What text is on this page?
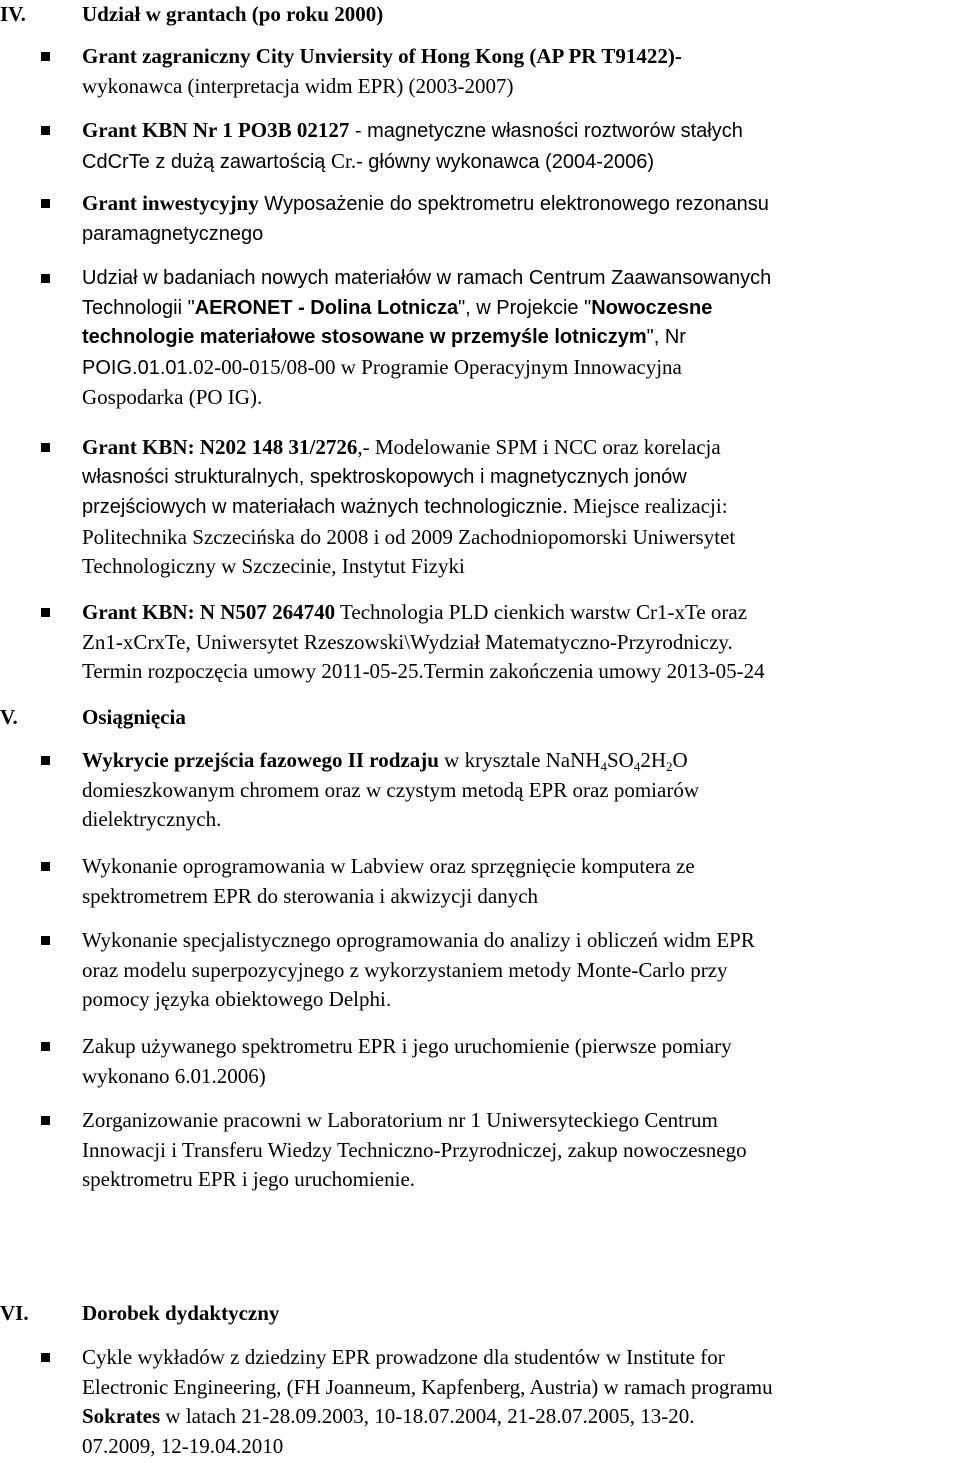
IV.	Udział w grantach (po roku 2000)
Grant zagraniczny City Unviersity of Hong Kong (AP PR T91422)-
wykonawca (interpretacja widm EPR) (2003-2007)
Grant KBN Nr 1 PO3B 02127 - magnetyczne własności roztworów stałych
CdCrTe z dużą zawartością Cr.- główny wykonawca (2004-2006)
Grant inwestycyjny Wyposażenie do spektrometru elektronowego rezonansu
paramagnetycznego
Udział w badaniach nowych materiałów w ramach Centrum Zaawansowanych
Technologii "AERONET - Dolina Lotnicza", w Projekcie "Nowoczesne
technologie materiałowe stosowane w przemyśle lotniczym", Nr
POIG.01.01.02-00-015/08-00 w Programie Operacyjnym Innowacyjna
Gospodarka (PO IG).
Grant KBN: N202 148 31/2726,- Modelowanie SPM i NCC oraz korelacja
własności strukturalnych, spektroskopowych i magnetycznych jonów
przejściowych w materiałach ważnych technologicznie. Miejsce realizacji:
Politechnika Szczecińska do 2008 i od 2009 Zachodniopomorski Uniwersytet
Technologiczny w Szczecinie, Instytut Fizyki
Grant KBN: N N507 264740 Technologia PLD cienkich warstw Cr1-xTe oraz
Zn1-xCrxTe, Uniwersytet Rzeszowski\Wydział Matematyczno-Przyrodniczy.
Termin rozpoczęcia umowy 2011-05-25.Termin zakończenia umowy 2013-05-24
V.	Osiągnięcia
Wykrycie przejścia fazowego II rodzaju w krysztale $NaNH_4SO_42H_2O$
domieszkowanym chromem oraz w czystym metodą EPR oraz pomiarów
dielektrycznych.
Wykonanie oprogramowania w Labview oraz sprzęgnięcie komputera ze
spektrometrem EPR do sterowania i akwizycji danych
Wykonanie specjalistycznego oprogramowania do analizy i obliczeń widm EPR
oraz modelu superpozycyjnego z wykorzystaniem metody Monte-Carlo przy
pomocy języka obiektowego Delphi.
Zakup używanego spektrometru EPR i jego uruchomienie (pierwsze pomiary
wykonano 6.01.2006)
Zorganizowanie pracowni w Laboratorium nr 1 Uniwersyteckiego Centrum
Innowacji i Transferu Wiedzy Techniczno-Przyrodniczej, zakup nowoczesnego
spektrometru EPR i jego uruchomienie.
VI.	Dorobek dydaktyczny
Cykle wykładów z dziedziny EPR prowadzone dla studentów w Institute for
Electronic Engineering, (FH Joanneum, Kapfenberg, Austria) w ramach programu
Sokrates w latach 21-28.09.2003, 10-18.07.2004, 21-28.07.2005, 13-20.
07.2009, 12-19.04.2010
